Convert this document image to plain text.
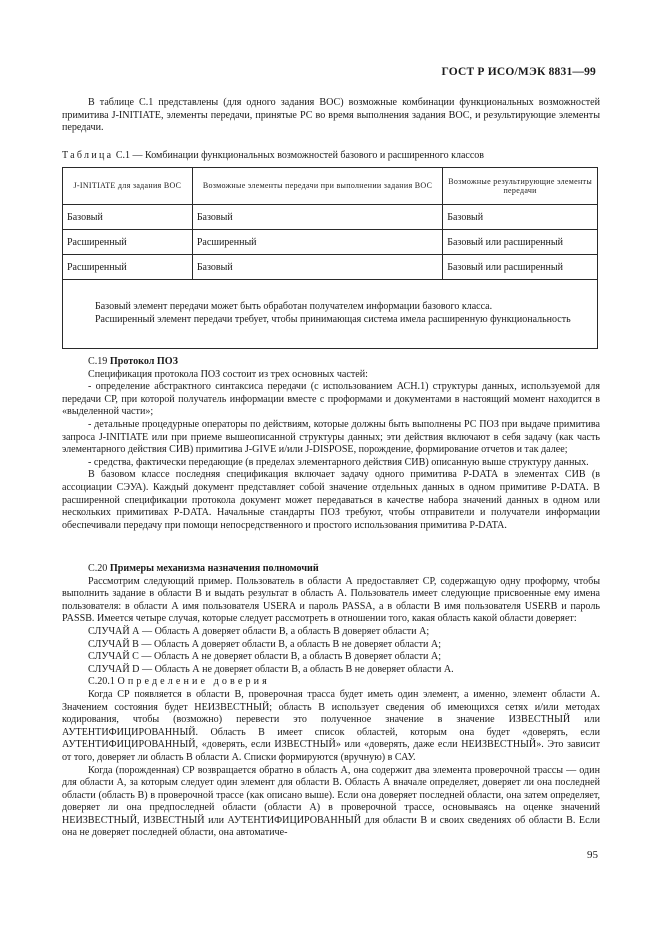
ГОСТ Р ИСО/МЭК 8831—99

В таблице С.1 представлены (для одного задания ВОС) возможные комбинации функциональных возможностей примитива J-INITIATE, элементы передачи, принятые РС во время выполнения задания ВОС, и результирующие элементы передачи.

Таблица С.1 — Комбинации функциональных возможностей базового и расширенного классов
J-INITIATE для задания ВОС	Возможные элементы передачи при выполнении задания ВОС	Возможные результирующие элементы передачи
Базовый	Базовый	Базовый
Расширенный	Расширенный	Базовый или расширенный
Расширенный	Базовый	Базовый или расширенный

Базовый элемент передачи может быть обработан получателем информации базового класса.

Расширенный элемент передачи требует, чтобы принимающая система имела расширенную функциональность		

С.19 Протокол ПОЗ

Спецификация протокола ПОЗ состоит из трех основных частей:

- определение абстрактного синтаксиса передачи (с использованием АСН.1) структуры данных, используемой для передачи СР, при которой получатель информации вместе с проформами и документами в настоящий момент находится в «выделенной части»;

- детальные процедурные операторы по действиям, которые должны быть выполнены РС ПОЗ при выдаче примитива запроса J-INITIATE или при приеме вышеописанной структуры данных; эти действия включают в себя задачу (как часть элементарного действия СИВ) примитива J-GIVE и/или J-DISPOSE, порождение, формирование отчетов и так далее;

- средства, фактически передающие (в пределах элементарного действия СИВ) описанную выше структуру данных.

В базовом классе последняя спецификация включает задачу одного примитива P-DATA в элементах СИВ (в ассоциации СЭУА). Каждый документ представляет собой значение отдельных данных в одном примитиве P-DATA. В расширенной спецификации протокола документ может передаваться в качестве набора значений данных в одном или нескольких примитивах P-DATA. Начальные стандарты ПОЗ требуют, чтобы отправители и получатели информации обеспечивали передачу при помощи непосредственного и простого использования примитива P-DATA.

С.20 Примеры механизма назначения полномочий

Рассмотрим следующий пример. Пользователь в области А предоставляет СР, содержащую одну проформу, чтобы выполнить задание в области В и выдать результат в область А. Пользователь имеет следующие присвоенные ему имена пользователя: в области А имя пользователя USERA и пароль PASSA, а в области В имя пользователя USERB и пароль PASSB. Имеется четыре случая, которые следует рассмотреть в отношении того, какая область какой области доверяет:

СЛУЧАЙ А — Область А доверяет области В, а область В доверяет области А;

СЛУЧАЙ В — Область А доверяет области В, а область В не доверяет области А;

СЛУЧАЙ С — Область А не доверяет области В, а область В доверяет области А;

СЛУЧАЙ D — Область А не доверяет области В, а область В не доверяет области А.

С.20.1 Определение доверия

Когда СР появляется в области В, проверочная трасса будет иметь один элемент, а именно, элемент области А. Значением состояния будет НЕИЗВЕСТНЫЙ; область В использует сведения об имеющихся сетях и/или методах кодирования, чтобы (возможно) перевести это полученное значение в значение ИЗВЕСТНЫЙ или АУТЕНТИФИЦИРОВАННЫЙ. Область В имеет список областей, которым она будет «доверять, если АУТЕНТИФИЦИРОВАННЫЙ, «доверять, если ИЗВЕСТНЫЙ» или «доверять, даже если НЕИЗВЕСТНЫЙ». Это зависит от того, доверяет ли область В области А. Списки формируются (вручную) в САУ.

Когда (порожденная) СР возвращается обратно в область А, она содержит два элемента проверочной трассы — один для области А, за которым следует один элемент для области В. Область А вначале определяет, доверяет ли она последней области (область В) в проверочной трассе (как описано выше). Если она доверяет последней области, она затем определяет, доверяет ли она предпоследней области (области А) в проверочной трассе, основываясь на оценке значений НЕИЗВЕСТНЫЙ, ИЗВЕСТНЫЙ или АУТЕНТИФИЦИРОВАННЫЙ для области В и своих сведениях об области В. Если она не доверяет последней области, она автоматиче-

95
